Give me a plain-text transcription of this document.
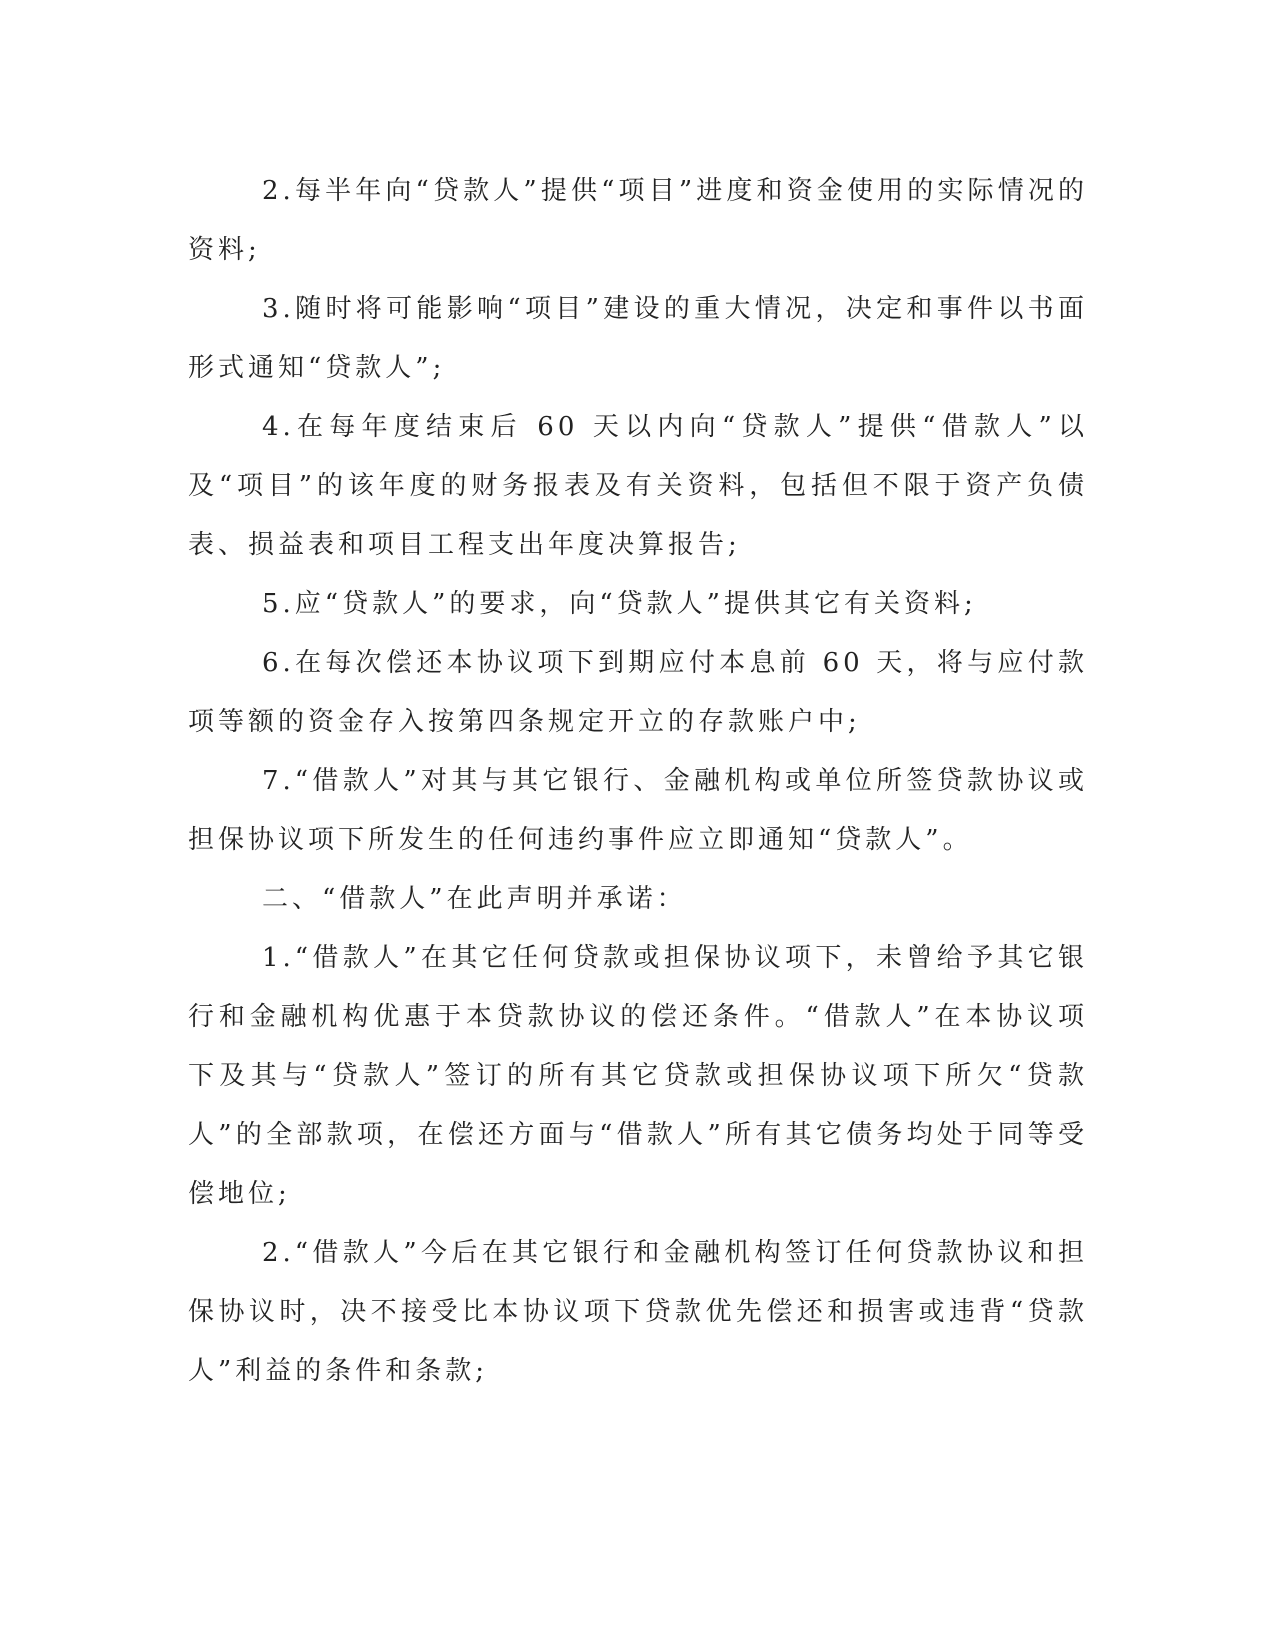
2.每半年向“贷款人”提供“项目”进度和资金使用的实际情况的资料;

3.随时将可能影响“项目”建设的重大情况，决定和事件以书面形式通知“贷款人”;

4.在每年度结束后 60 天以内向“贷款人”提供“借款人”以及“项目”的该年度的财务报表及有关资料，包括但不限于资产负债表、损益表和项目工程支出年度决算报告;

5.应“贷款人”的要求，向“贷款人”提供其它有关资料;

6.在每次偿还本协议项下到期应付本息前 60 天，将与应付款项等额的资金存入按第四条规定开立的存款账户中;

7.“借款人”对其与其它银行、金融机构或单位所签贷款协议或担保协议项下所发生的任何违约事件应立即通知“贷款人”。

二、“借款人”在此声明并承诺：

1.“借款人”在其它任何贷款或担保协议项下，未曾给予其它银行和金融机构优惠于本贷款协议的偿还条件。“借款人”在本协议项下及其与“贷款人”签订的所有其它贷款或担保协议项下所欠“贷款人”的全部款项，在偿还方面与“借款人”所有其它债务均处于同等受偿地位;

2.“借款人”今后在其它银行和金融机构签订任何贷款协议和担保协议时，决不接受比本协议项下贷款优先偿还和损害或违背“贷款人”利益的条件和条款;
